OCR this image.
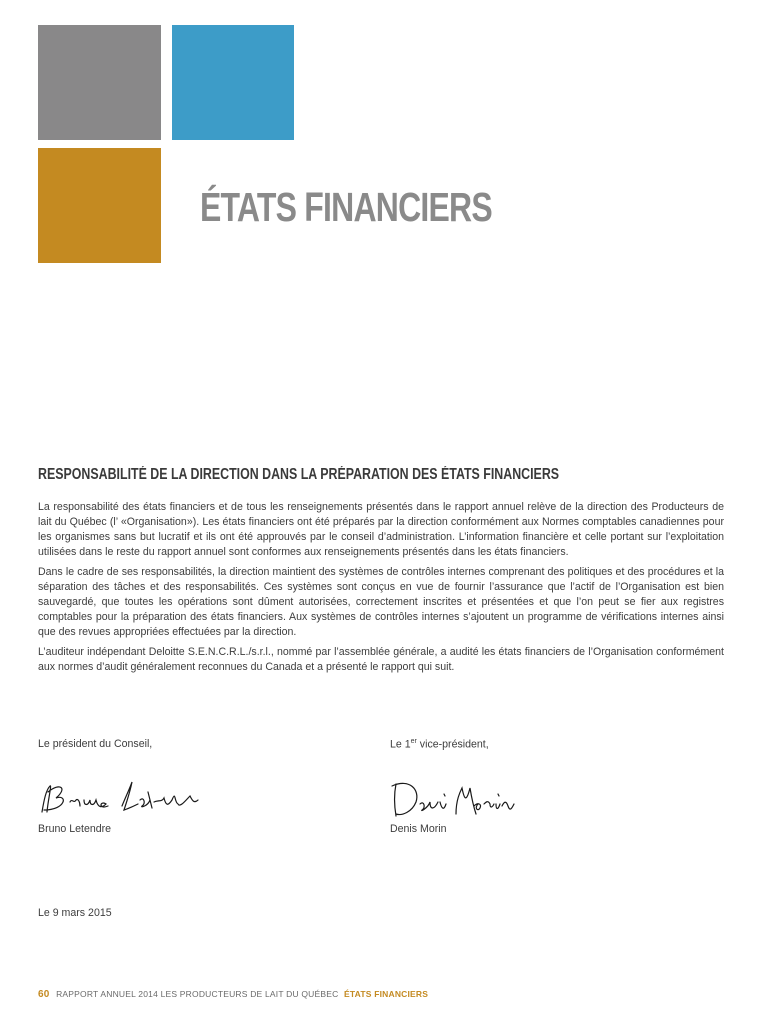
ÉTATS FINANCIERS
RESPONSABILITÉ DE LA DIRECTION DANS LA PRÉPARATION DES ÉTATS FINANCIERS

La responsabilité des états financiers et de tous les renseignements présentés dans le rapport annuel relève de la direction des Producteurs de lait du Québec (l’ «Organisation»). Les états financiers ont été préparés par la direction conformément aux Normes comptables canadiennes pour les organismes sans but lucratif et ils ont été approuvés par le conseil d’administration. L’information financière et celle portant sur l’exploitation utilisées dans le reste du rapport annuel sont conformes aux renseignements présentés dans les états financiers.

Dans le cadre de ses responsabilités, la direction maintient des systèmes de contrôles internes comprenant des politiques et des procédures et la séparation des tâches et des responsabilités. Ces systèmes sont conçus en vue de fournir l’assurance que l’actif de l’Organisation est bien sauvegardé, que toutes les opérations sont dûment autorisées, correctement inscrites et présentées et que l’on peut se fier aux registres comptables pour la préparation des états financiers. Aux systèmes de contrôles internes s’ajoutent un programme de vérifications internes ainsi que des revues appropriées effectuées par la direction.

L’auditeur indépendant Deloitte S.E.N.C.R.L./s.r.l., nommé par l’assemblée générale, a audité les états financiers de l’Organisation conformément aux normes d’audit généralement reconnues du Canada et a présenté le rapport qui suit.

Le président du Conseil,
Bruno Letendre
Le 1er vice-président,
Denis Morin
Le 9 mars 2015
60 RAPPORT ANNUEL 2014 LES PRODUCTEURS DE LAIT DU QUÉBEC ÉTATS FINANCIERS
